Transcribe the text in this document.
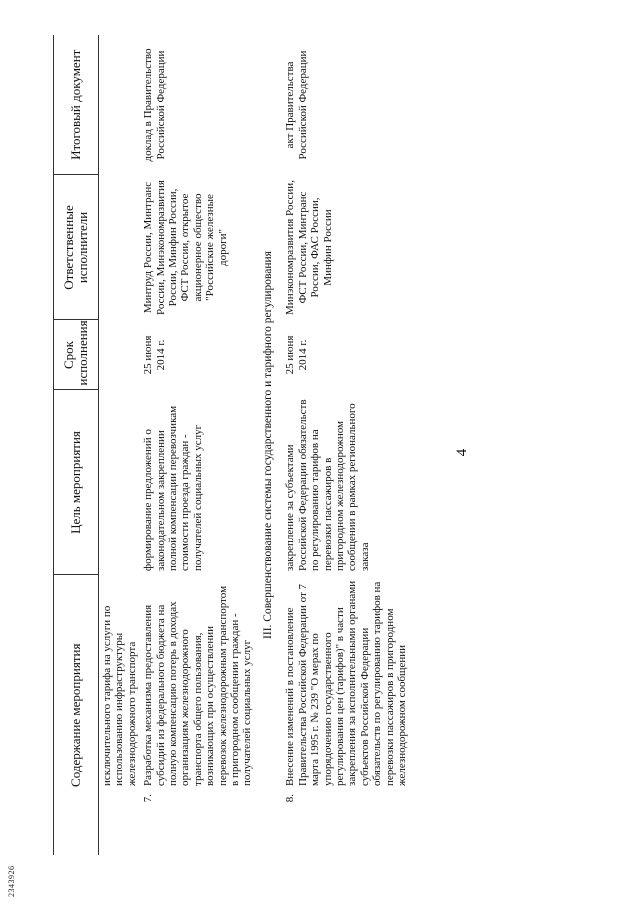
2343926
4
Содержание мероприятия		Цель мероприятия	Срок исполнения	Ответственные исполнители	Итоговый документ
	исключительного тарифа на услуги по использованию инфраструктуры железнодорожного транспорта				
7.	Разработка механизма предоставления субсидий из федерального бюджета на полную компенсацию потерь в доходах организациям железнодорожного транспорта общего пользования, возникающих при осуществлении перевозок железнодорожным транспортом в пригородном сообщении граждан - получателей социальных услуг	формирование предложений о законодательном закреплении полной компенсации перевозчикам стоимости проезда граждан - получателей социальных услуг	25 июня 2014 г.	Минтруд России, Минтранс России, Минэкономразвития России, Минфин России, ФСТ России, открытое акционерное общество "Российские железные дороги"	доклад в Правительство Российской Федерации
III. Совершенствование системы государственного и тарифного регулирования					
8.	Внесение изменений в постановление Правительства Российской Федерации от 7 марта 1995 г. № 239 "О мерах по упорядочению государственного регулирования цен (тарифов)" в части закрепления за исполнительными органами субъектов Российской Федерации обязательств по регулированию тарифов на перевозки пассажиров в пригородном железнодорожном сообщении	закрепление за субъектами Российской Федерации обязательств по регулированию тарифов на перевозки пассажиров в пригородном железнодорожном сообщении в рамках регионального заказа	25 июня 2014 г.	Минэкономразвития России, ФСТ России, Минтранс России, ФАС России, Минфин России	акт Правительства Российской Федерации
